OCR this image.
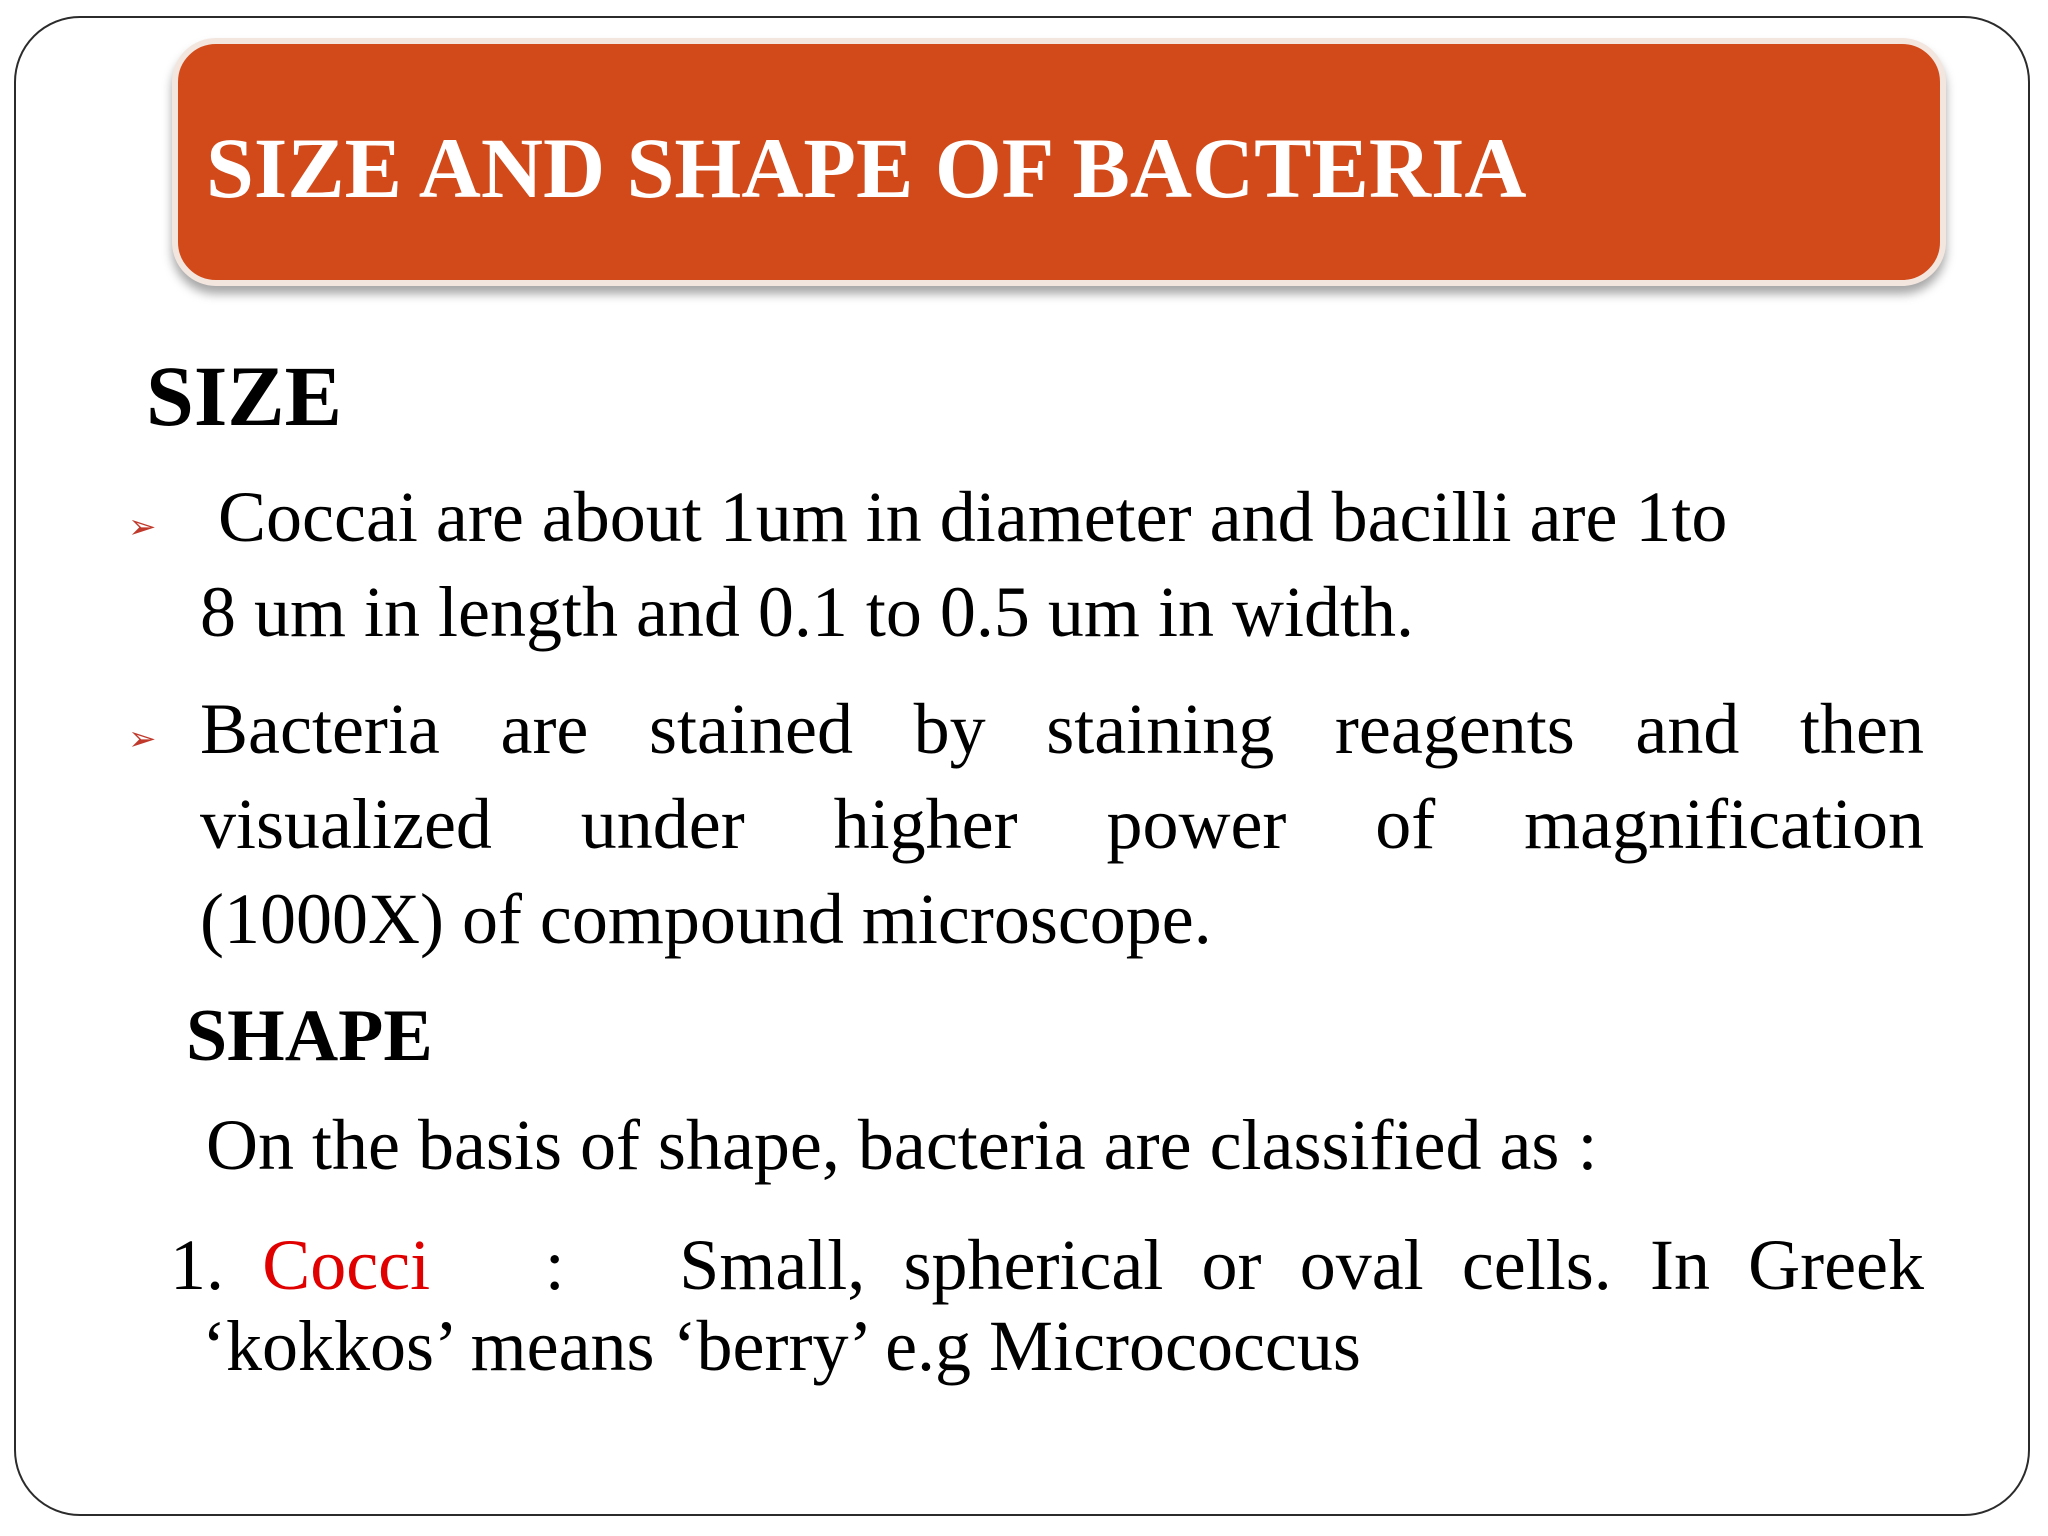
SIZE AND SHAPE OF BACTERIA
SIZE
➢ Coccai are about 1um in diameter and bacilli are 1to
8 um in length and 0.1 to 0.5 um in width.
➢ Bacteria are stained by staining reagents and then
visualized under higher power of magnification
(1000X) of compound microscope.
SHAPE
On the basis of shape, bacteria are classified as :
1. Cocci : Small, spherical or oval cells. In Greek
‘kokkos’ means ‘berry’ e.g Micrococcus
